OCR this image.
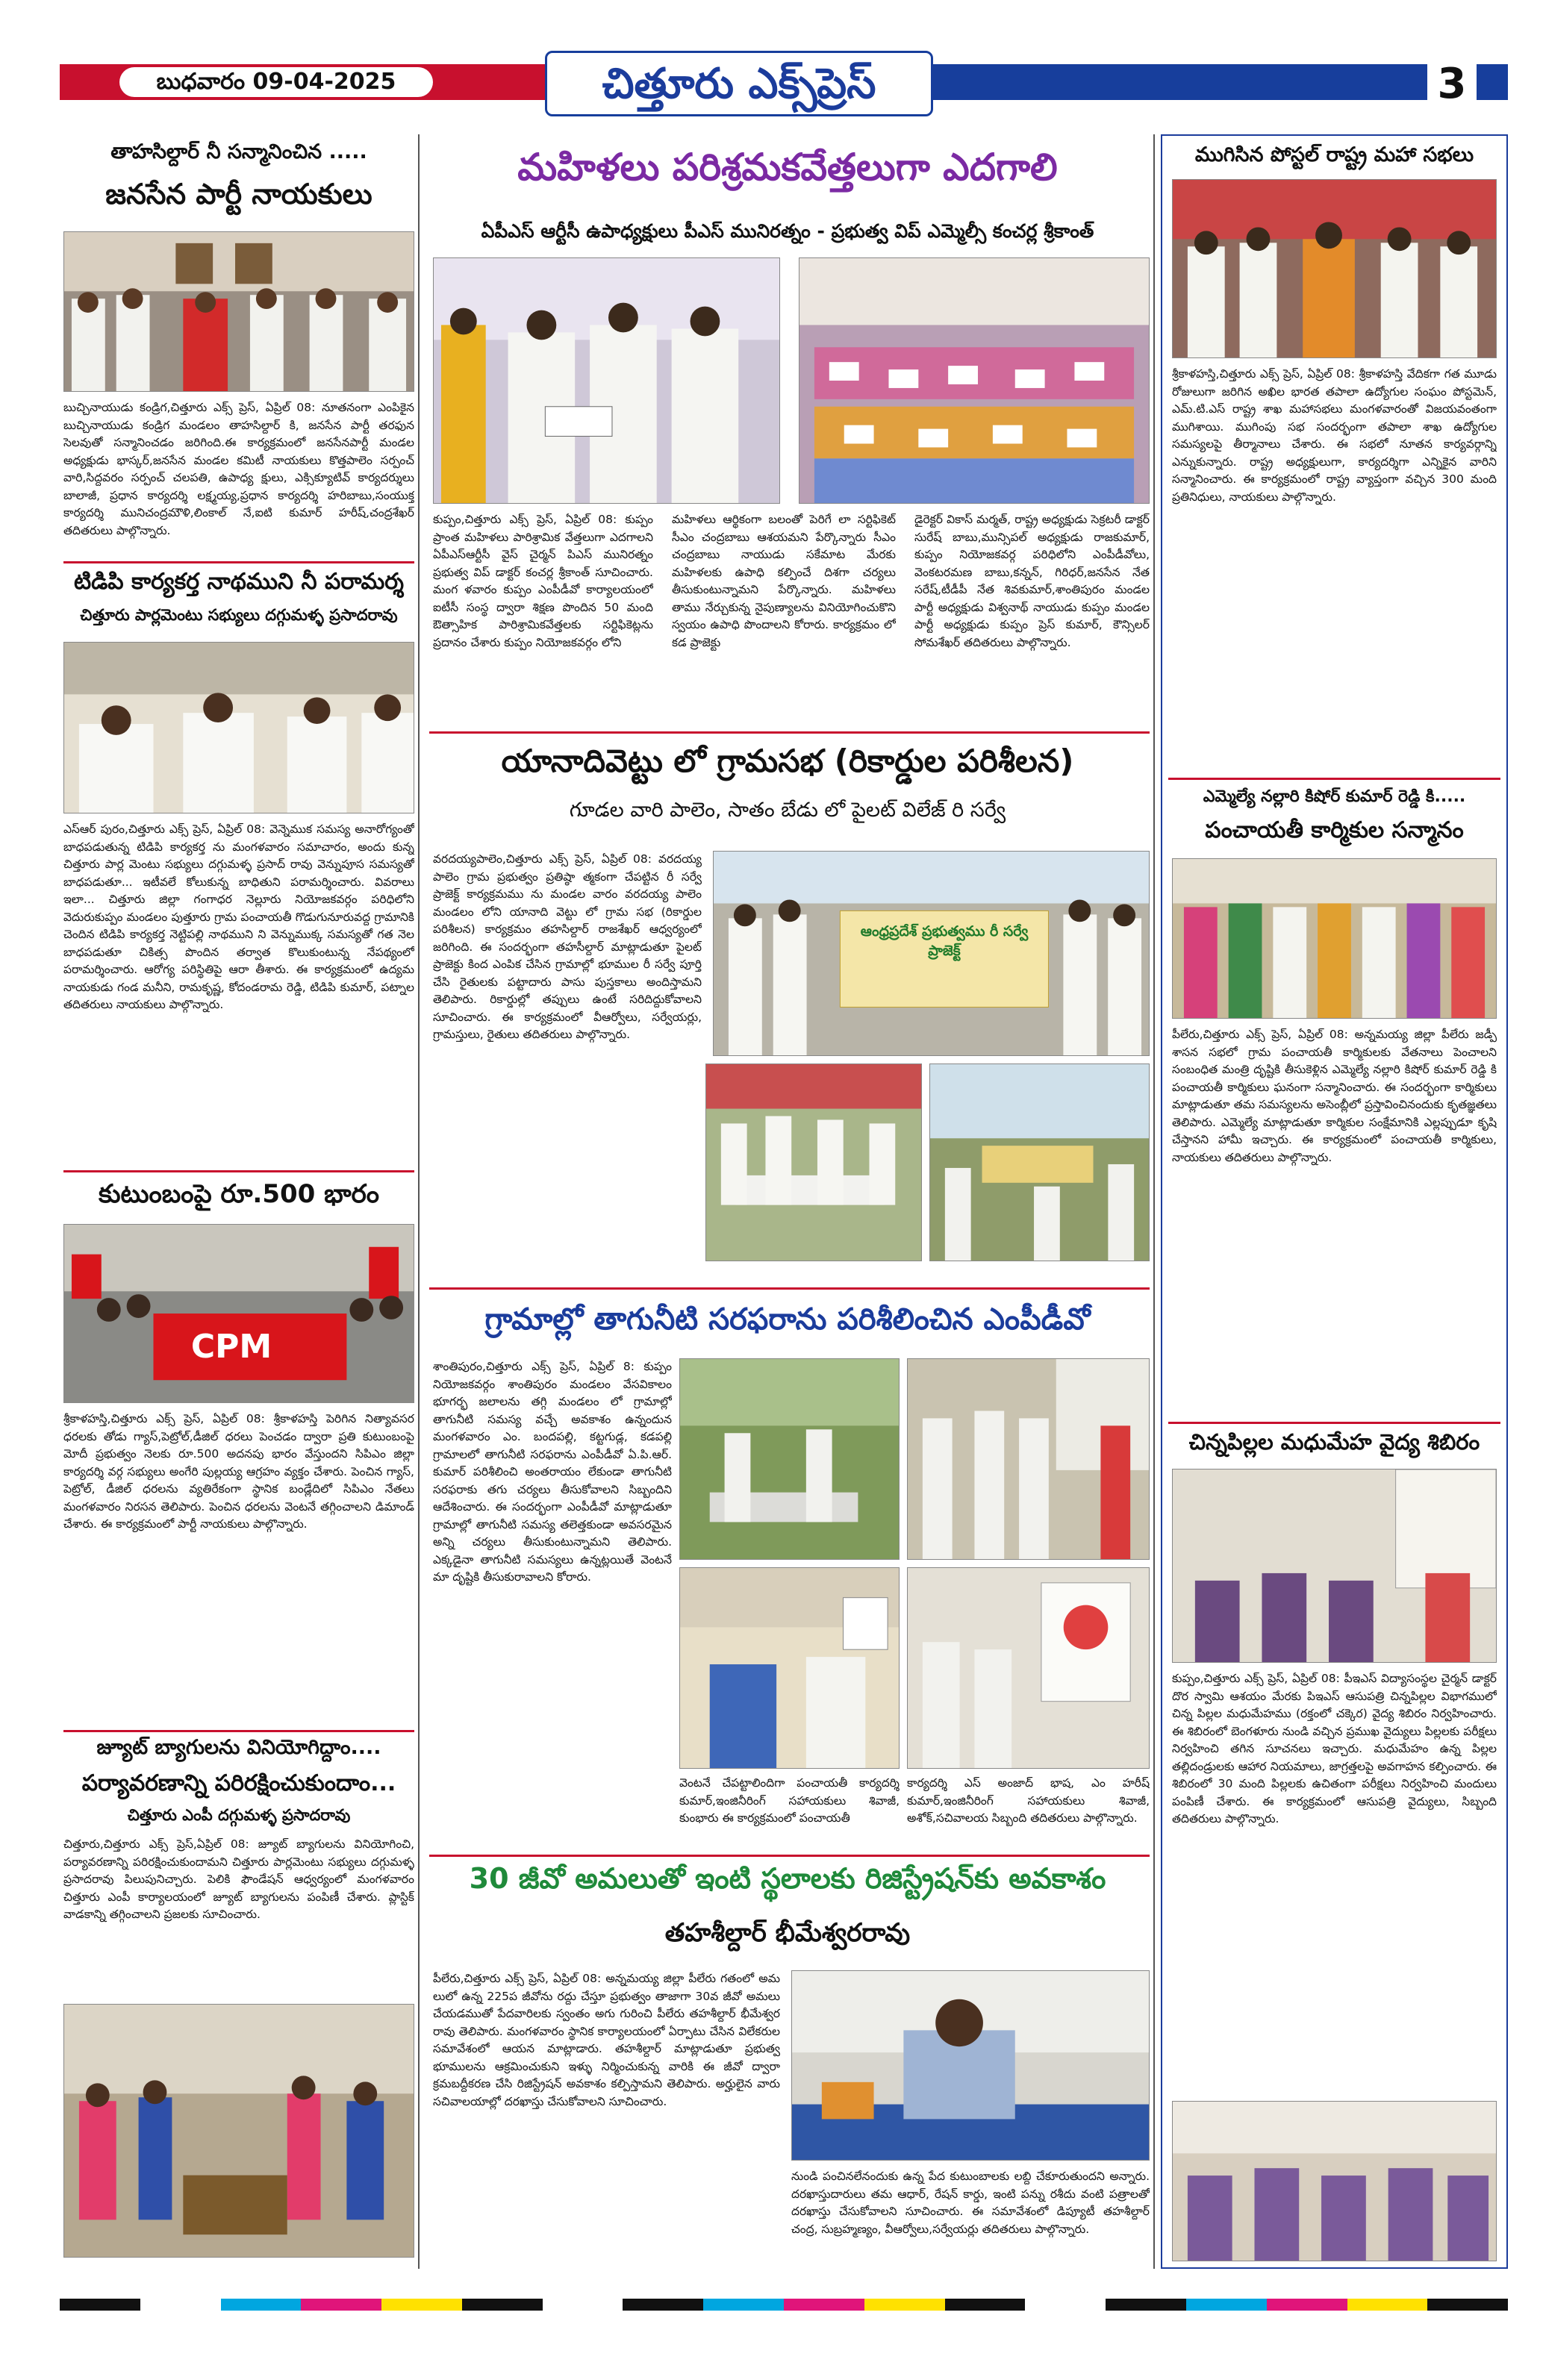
బుధవారం 09-04-2025	చిత్తూరు ఎక్స్‌ప్రెస్	3
తాహసిల్దార్ నీ సన్మానించిన .....
జనసేన పార్టీ నాయకులు
బుచ్చినాయుడు కండ్రిగ,చిత్తూరు ఎక్స్ ప్రెస్, ఏప్రిల్ 08: నూతనంగా ఎంపికైన బుచ్చినాయుడు కండ్రిగ మండలం తాహసిల్దార్ కి, జనసేన పార్టీ తరఫున సెలవుతో సన్మానించడం జరిగింది.ఈ కార్యక్రమంలో జనసేనపార్టీ మండల అధ్యక్షుడు భాస్కర్,జనసేన మండల కమిటీ నాయకులు కొత్తపాలెం సర్పంచ్ వారి,సిద్దవరం సర్పంచ్ చలపతి, ఉపాధ్య క్షులు, ఎక్సిక్యూటివ్ కార్యదర్శులు బాలాజీ, ప్రధాన కార్యదర్శి లక్ష్మయ్య,ప్రధాన కార్యదర్శి హరిబాబు,సంయుక్త కార్యదర్శి మునిచంద్రమౌళి,లింకాల్ నే,ఐటి కుమార్ హరీష్,చంద్రశేఖర్ తదితరులు పాల్గొన్నారు.
టిడిపి కార్యకర్త నాథముని నీ పరామర్శ
చిత్తూరు పార్లమెంటు సభ్యులు దగ్గుమళ్ళ ప్రసాదరావు
ఎస్ఆర్ పురం,చిత్తూరు ఎక్స్ ప్రెస్, ఏప్రిల్ 08: వెన్నెముక సమస్య అనారోగ్యంతో బాధపడుతున్న టిడిపి కార్యకర్త ను మంగళవారం సమాచారం, అందు కున్న చిత్తూరు పార్ల మెంటు సభ్యులు దగ్గుమళ్ళ ప్రసాద్ రావు వెన్నుపూస సమస్యతో బాధపడుతూ... ఇటీవలే కోలుకున్న బాధితుని పరామర్శించారు. వివరాలు ఇలా... చిత్తూరు జిల్లా గంగాధర నెల్లూరు నియోజకవర్గం పరిధిలోని వెదురుకుప్పం మండలం పుత్తూరు గ్రామ పంచాయతీ గొడుగునూరువద్ద గ్రామానికి చెందిన టిడిపి కార్యకర్త నెట్టిపల్లి నాథముని ని వెన్నుముక్క సమస్యతో గత నెల బాధపడుతూ చికిత్స పొందిన తర్వాత కొలుకుంటున్న నేపథ్యంలో పరామర్శించారు. ఆరోగ్య పరిస్థితిపై ఆరా తీశారు. ఈ కార్యక్రమంలో ఉద్యమ నాయకుడు గండ మనీని, రామకృష్ణ, కోదండరామ రెడ్డి, టిడిపి కుమార్, పట్నాల తదితరులు నాయకులు పాల్గొన్నారు.
కుటుంబంపై రూ.500 భారం
CPM
శ్రీకాళహస్తి,చిత్తూరు ఎక్స్ ప్రెస్, ఏప్రిల్ 08: శ్రీకాళహస్తి పెరిగిన నిత్యావసర ధరలకు తోడు గ్యాస్,పెట్రోల్,డీజిల్ ధరలు పెంచడం ద్వారా ప్రతి కుటుంబంపై మోదీ ప్రభుత్వం నెలకు రూ.500 అదనపు భారం వేస్తుందని సిపిఎం జిల్లా కార్యదర్శి వర్గ సభ్యులు అంగేరి పుల్లయ్య ఆగ్రహం వ్యక్తం చేశారు. పెంచిన గ్యాస్, పెట్రోల్, డీజిల్ ధరలను వ్యతిరేకంగా స్థానిక బండ్లేదిలో సిపిఎం నేతలు మంగళవారం నిరసన తెలిపారు. పెంచిన ధరలను వెంటనే తగ్గించాలని డిమాండ్ చేశారు. ఈ కార్యక్రమంలో పార్టీ నాయకులు పాల్గొన్నారు.
జ్యూట్ బ్యాగులను వినియోగిద్దాం....
పర్యావరణాన్ని పరిరక్షించుకుందాం...
చిత్తూరు ఎంపీ దగ్గుమళ్ళ ప్రసాదరావు
చిత్తూరు,చిత్తూరు ఎక్స్ ప్రెస్,ఏప్రిల్ 08: జ్యూట్ బ్యాగులను వినియోగించి, పర్యావరణాన్ని పరిరక్షించుకుందామని చిత్తూరు పార్లమెంటు సభ్యులు దగ్గుమళ్ళ ప్రసాదరావు పిలుపునిచ్చారు. పెలికి ఫౌండేషన్ ఆధ్వర్యంలో మంగళవారం చిత్తూరు ఎంపీ కార్యాలయంలో జ్యూట్ బ్యాగులను పంపిణీ చేశారు. ప్లాస్టిక్ వాడకాన్ని తగ్గించాలని ప్రజలకు సూచించారు.
మహిళలు పరిశ్రమకవేత్తలుగా ఎదగాలి
ఏపీఎస్ ఆర్టీసీ ఉపాధ్యక్షులు పీఎస్ మునిరత్నం - ప్రభుత్వ విప్ ఎమ్మెల్సీ కంచర్ల శ్రీకాంత్
కుప్పం,చిత్తూరు ఎక్స్ ప్రెస్, ఏప్రిల్ 08: కుప్పం ప్రాంత మహిళలు పారిశ్రామిక వేత్తలుగా ఎదగాలని ఏపీఎస్ఆర్టీసీ వైస్ చైర్మన్ పిఎస్ మునిరత్నం ప్రభుత్వ విప్ డాక్టర్ కంచర్ల శ్రీకాంత్ సూచించారు. మంగ ళవారం కుప్పం ఎంపీడీవో కార్యాలయంలో ఐటీసీ సంస్థ ద్వారా శిక్షణ పొందిన 50 మంది ఔత్సాహిక పారిశ్రామికవేత్తలకు సర్టిఫికెట్లను ప్రదానం చేశారు కుప్పం నియోజకవర్గం లోని
మహిళలు ఆర్థికంగా బలంతో పెరిగే లా సర్టిఫికెట్ సీఎం చంద్రబాబు ఆశయమని పేర్కొన్నారు సీఎం చంద్రబాబు నాయుడు సకేమాట మేరకు మహిళలకు ఉపాధి కల్పించే దిశగా చర్యలు తీసుకుంటున్నామని పేర్కొన్నారు. మహిళలు తాము నేర్చుకున్న నైపుణ్యాలను వినియోగించుకొని స్వయం ఉపాధి పొందాలని కోరారు. కార్యక్రమం లో కడ ప్రాజెక్టు
డైరెక్టర్ వికాస్ మర్మత్, రాష్ట్ర అధ్యక్షుడు సెక్రటరీ డాక్టర్ సురేష్ బాబు,మున్సిపల్ అధ్యక్షుడు రాజకుమార్, కుప్పం నియోజకవర్గ పరిధిలోని ఎంపీడీవోలు, వెంకటరమణ బాబు,కన్నన్, గిరిధర్,జనసేన నేత సరేష్,టీడీపీ నేత శివకుమార్,శాంతిపురం మండల పార్టీ అధ్యక్షుడు విశ్వనాథ్ నాయుడు కుప్పం మండల పార్టీ అధ్యక్షుడు కుప్పం ప్రెస్ కుమార్, కౌన్సిలర్ సోమశేఖర్ తదితరులు పాల్గొన్నారు.
యానాదివెట్టు లో గ్రామసభ (రికార్డుల పరిశీలన)
గూడల వారి పాలెం, సాతం బేడు లో పైలట్ విలేజ్ రి సర్వే
వరదయ్యపాలెం,చిత్తూరు ఎక్స్ ప్రెస్, ఏప్రిల్ 08: వరదయ్య పాలెం గ్రామ ప్రభుత్వం ప్రతిష్ఠా త్మకంగా చేపట్టిన రీ సర్వే ప్రాజెక్ట్ కార్యక్రమము ను మండల వారం వరదయ్య పాలెం మండలం లోని యానాది వెట్టు లో గ్రామ సభ (రికార్డుల పరిశీలన) కార్యక్రమం తహసిల్దార్ రాజశేఖర్ ఆధ్వర్యంలో జరిగింది. ఈ సందర్భంగా తహసీల్దార్ మాట్లాడుతూ పైలట్ ప్రాజెక్టు కింద ఎంపిక చేసిన గ్రామాల్లో భూముల రీ సర్వే పూర్తి చేసి రైతులకు పట్టాదారు పాసు పుస్తకాలు అందిస్తామని తెలిపారు. రికార్డుల్లో తప్పులు ఉంటే సరిదిద్దుకోవాలని సూచించారు. ఈ కార్యక్రమంలో వీఆర్వోలు, సర్వేయర్లు, గ్రామస్తులు, రైతులు తదితరులు పాల్గొన్నారు.
ఆంధ్రప్రదేశ్ ప్రభుత్వము రీ సర్వే ప్రాజెక్ట్
గ్రామాల్లో తాగునీటి సరఫరాను పరిశీలించిన ఎంపీడీవో
శాంతిపురం,చిత్తూరు ఎక్స్ ప్రెస్, ఏప్రిల్ 8: కుప్పం నియోజకవర్గం శాంతిపురం మండలం వేసవికాలం భూగర్భ జలాలను తగ్గి మండలం లో గ్రామాల్లో తాగునీటి సమస్య వచ్చే అవకాశం ఉన్నందున మంగళవారం ఎం. బందపల్లి, కట్టగుడ్ల, కడపల్లి గ్రామాలలో తాగునీటి సరఫరాను ఎంపీడీవో ఏ.పి.ఆర్. కుమార్ పరిశీలించి అంతరాయం లేకుండా తాగునీటి సరఫరాకు తగు చర్యలు తీసుకోవాలని సిబ్బందిని ఆదేశించారు. ఈ సందర్భంగా ఎంపీడీవో మాట్లాడుతూ గ్రామాల్లో తాగునీటి సమస్య తలెత్తకుండా అవసరమైన అన్ని చర్యలు తీసుకుంటున్నామని తెలిపారు. ఎక్కడైనా తాగునీటి సమస్యలు ఉన్నట్లయితే వెంటనే మా దృష్టికి తీసుకురావాలని కోరారు.
వెంటనే చేపట్టాలిందిగా పంచాయతీ కార్యదర్శి కుమార్,ఇంజినీరింగ్ సహాయకులు శివాజీ, కుంభారు ఈ కార్యక్రమంలో పంచాయతీ
కార్యదర్శి ఎస్ అంజాద్ భాష, ఎం హరీష్ కుమార్,ఇంజినీరింగ్ సహాయకులు శివాజీ, అశోక్,సచివాలయ సిబ్బంది తదితరులు పాల్గొన్నారు.
30 జీవో అమలుతో ఇంటి స్థలాలకు రిజిస్ట్రేషన్‌కు అవకాశం
తహశీల్దార్ భీమేశ్వరరావు
పీలేరు,చిత్తూరు ఎక్స్ ప్రెస్, ఏప్రిల్ 08: అన్నమయ్య జిల్లా పీలేరు గతంలో అమ లులో ఉన్న 225ప జీవోను రద్దు చేస్తూ ప్రభుత్వం తాజాగా 30వ జీవో అమలు చేయడముతో పేదవారిలకు స్వంతం అగు గురించి పీలేరు తహశీల్దార్ భీమేశ్వర రావు తెలిపారు. మంగళవారం స్థానిక కార్యాలయంలో ఏర్పాటు చేసిన విలేకరుల సమావేశంలో ఆయన మాట్లాడారు. తహశీల్దార్ మాట్లాడుతూ ప్రభుత్వ భూములను ఆక్రమించుకుని ఇళ్ళు నిర్మించుకున్న వారికి ఈ జీవో ద్వారా క్రమబద్దీకరణ చేసి రిజిస్ట్రేషన్ అవకాశం కల్పిస్తామని తెలిపారు. అర్హులైన వారు సచివాలయాల్లో దరఖాస్తు చేసుకోవాలని సూచించారు.
నుండి పంచినలేనందుకు ఉన్న పేద కుటుంబాలకు లబ్ది చేకూరుతుందని అన్నారు. దరఖాస్తుదారులు తమ ఆధార్, రేషన్ కార్డు, ఇంటి పన్ను రశీదు వంటి పత్రాలతో దరఖాస్తు చేసుకోవాలని సూచించారు. ఈ సమావేశంలో డిప్యూటీ తహశీల్దార్ చంద్ర, సుబ్రహ్మణ్యం, వీఆర్వోలు,సర్వేయర్లు తదితరులు పాల్గొన్నారు.
ముగిసిన పోస్టల్ రాష్ట్ర మహా సభలు
శ్రీకాళహస్తి,చిత్తూరు ఎక్స్ ప్రెస్, ఏప్రిల్ 08: శ్రీకాళహస్తి వేదికగా గత మూడు రోజులుగా జరిగిన అఖిల భారత తపాలా ఉద్యోగుల సంఘం పోస్టమెన్, ఎమ్.టి.ఎస్ రాష్ట్ర శాఖ మహాసభలు మంగళవారంతో విజయవంతంగా ముగిశాయి. ముగింపు సభ సందర్భంగా తపాలా శాఖ ఉద్యోగుల సమస్యలపై తీర్మానాలు చేశారు. ఈ సభలో నూతన కార్యవర్గాన్ని ఎన్నుకున్నారు. రాష్ట్ర అధ్యక్షులుగా, కార్యదర్శిగా ఎన్నికైన వారిని సన్మానించారు. ఈ కార్యక్రమంలో రాష్ట్ర వ్యాప్తంగా వచ్చిన 300 మంది ప్రతినిధులు, నాయకులు పాల్గొన్నారు.
ఎమ్మెల్యే నల్లారి కిషోర్ కుమార్ రెడ్డి కి.....
పంచాయతీ కార్మికుల సన్మానం
పీలేరు,చిత్తూరు ఎక్స్ ప్రెస్, ఏప్రిల్ 08: అన్నమయ్య జిల్లా పీలేరు జడ్పీ శాసన సభలో గ్రామ పంచాయతీ కార్మికులకు వేతనాలు పెంచాలని సంబంధిత మంత్రి దృష్టికి తీసుకెళ్లిన ఎమ్మెల్యే నల్లారి కిషోర్ కుమార్ రెడ్డి కి పంచాయతీ కార్మికులు ఘనంగా సన్మానించారు. ఈ సందర్భంగా కార్మికులు మాట్లాడుతూ తమ సమస్యలను అసెంబ్లీలో ప్రస్తావించినందుకు కృతజ్ఞతలు తెలిపారు. ఎమ్మెల్యే మాట్లాడుతూ కార్మికుల సంక్షేమానికి ఎల్లప్పుడూ కృషి చేస్తానని హామీ ఇచ్చారు. ఈ కార్యక్రమంలో పంచాయతీ కార్మికులు, నాయకులు తదితరులు పాల్గొన్నారు.
చిన్నపిల్లల మధుమేహ వైద్య శిబిరం
కుప్పం,చిత్తూరు ఎక్స్ ప్రెస్, ఏప్రిల్ 08: పీఇఎస్ విద్యాసంస్థల చైర్మన్ డాక్టర్ దొర స్వామి ఆశయం మేరకు పిఇఎస్ ఆసుపత్రి చిన్నపిల్లల విభాగములో చిన్న పిల్లల మధుమేహము (రక్తంలో చక్కెర) వైద్య శిబిరం నిర్వహించారు. ఈ శిబిరంలో బెంగళూరు నుండి వచ్చిన ప్రముఖ వైద్యులు పిల్లలకు పరీక్షలు నిర్వహించి తగిన సూచనలు ఇచ్చారు. మధుమేహం ఉన్న పిల్లల తల్లిదండ్రులకు ఆహార నియమాలు, జాగ్రత్తలపై అవగాహన కల్పించారు. ఈ శిబిరంలో 30 మంది పిల్లలకు ఉచితంగా పరీక్షలు నిర్వహించి మందులు పంపిణీ చేశారు. ఈ కార్యక్రమంలో ఆసుపత్రి వైద్యులు, సిబ్బంది తదితరులు పాల్గొన్నారు.
